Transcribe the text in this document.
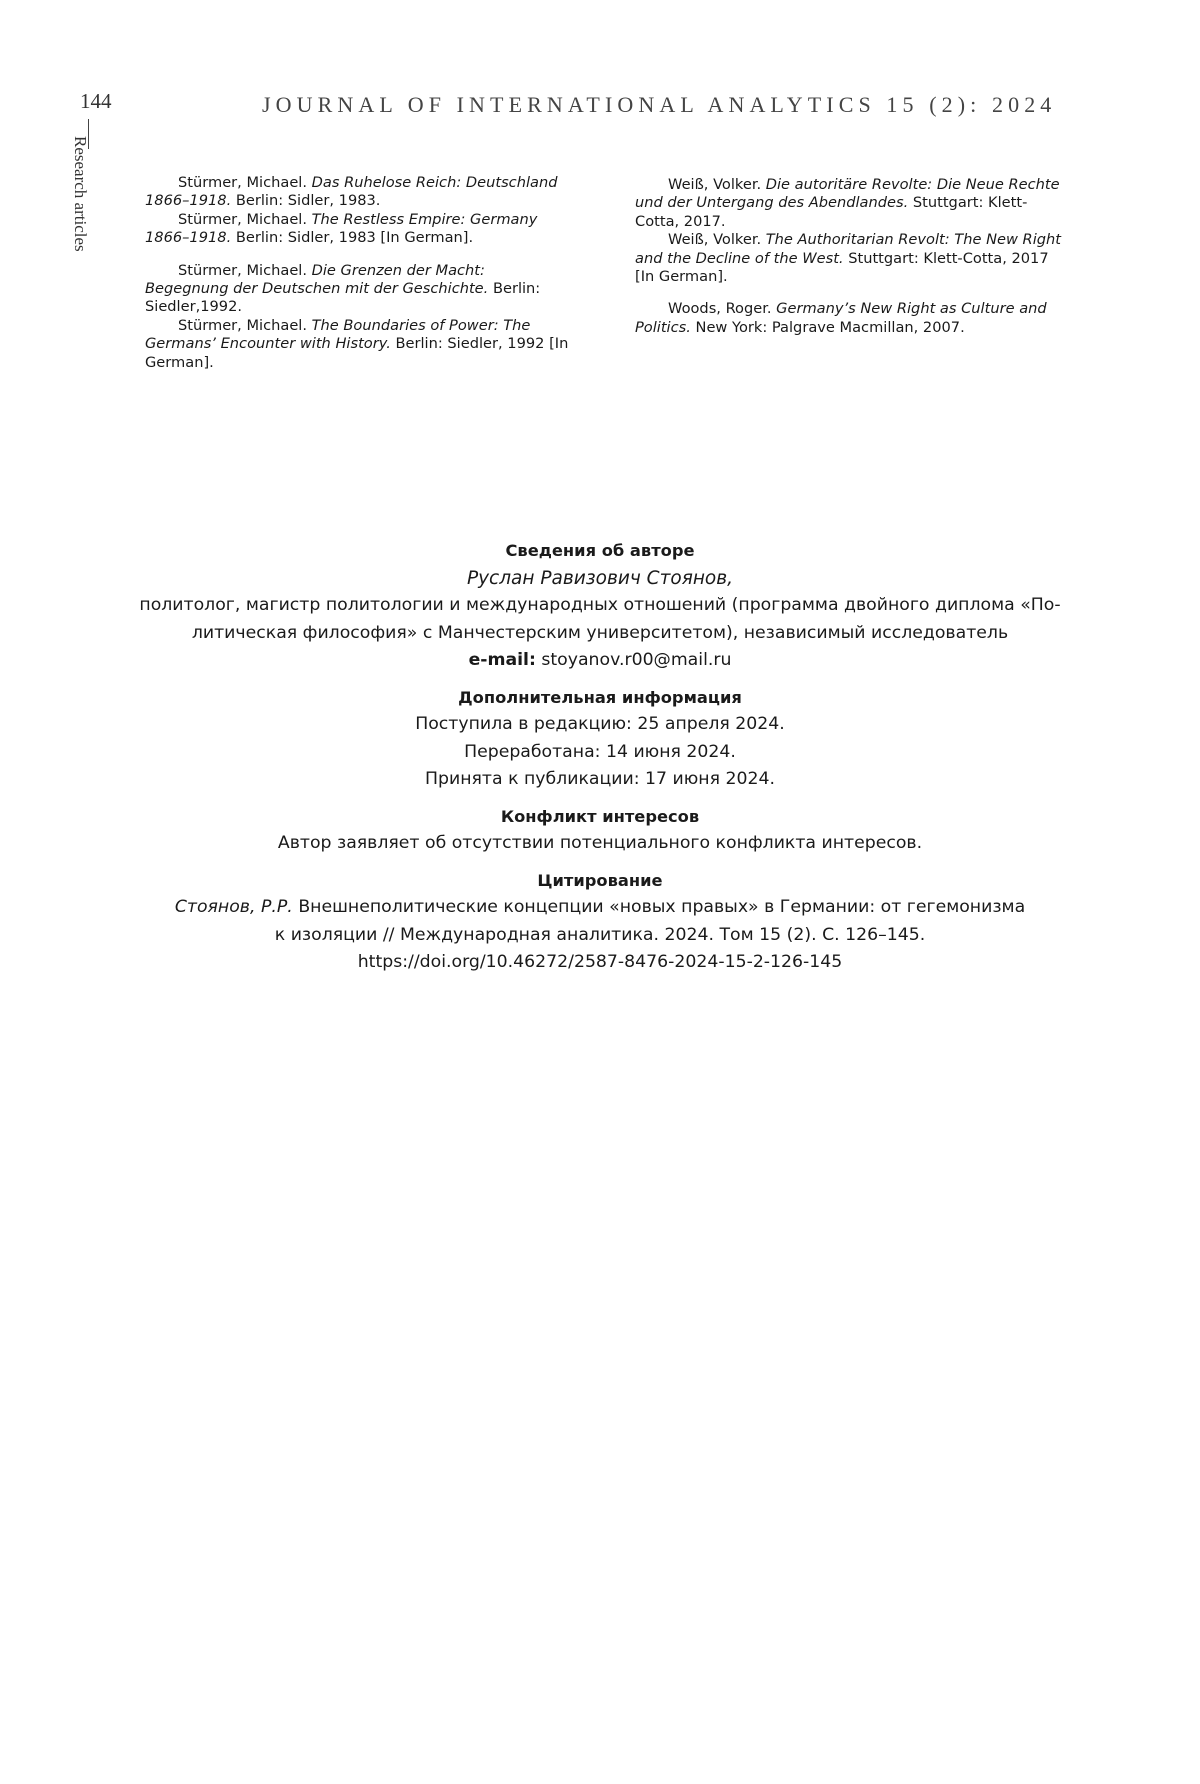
144
Research articles
JOURNAL OF INTERNATIONAL ANALYTICS 15 (2): 2024

Stürmer, Michael. Das Ruhelose Reich: Deutschland 1866–1918. Berlin: Sidler, 1983.

Stürmer, Michael. The Restless Empire: Germany 1866–1918. Berlin: Sidler, 1983 [In German].

Stürmer, Michael. Die Grenzen der Macht: Begegnung der Deutschen mit der Geschichte. Berlin: Siedler,1992.

Stürmer, Michael. The Boundaries of Power: The Germans’ Encounter with History. Berlin: Siedler, 1992 [In German].

Weiß, Volker. Die autoritäre Revolte: Die Neue Rechte und der Untergang des Abendlandes. Stuttgart: Klett-Cotta, 2017.

Weiß, Volker. The Authoritarian Revolt: The New Right and the Decline of the West. Stuttgart: Klett-Cotta, 2017 [In German].

Woods, Roger. Germany’s New Right as Culture and Politics. New York: Palgrave Macmillan, 2007.

Сведения об авторе

Руслан Равизович Стоянов,

политолог, магистр политологии и международных отношений (программа двойного диплома «По-

литическая философия» с Манчестерским университетом), независимый исследователь

e-mail: stoyanov.r00@mail.ru

Дополнительная информация

Поступила в редакцию: 25 апреля 2024.

Переработана: 14 июня 2024.

Принята к публикации: 17 июня 2024.

Конфликт интересов

Автор заявляет об отсутствии потенциального конфликта интересов.

Цитирование

Стоянов, Р.Р. Внешнеполитические концепции «новых правых» в Германии: от гегемонизма

к изоляции // Международная аналитика. 2024. Том 15 (2). С. 126–145.

https://doi.org/10.46272/2587-8476-2024-15-2-126-145
